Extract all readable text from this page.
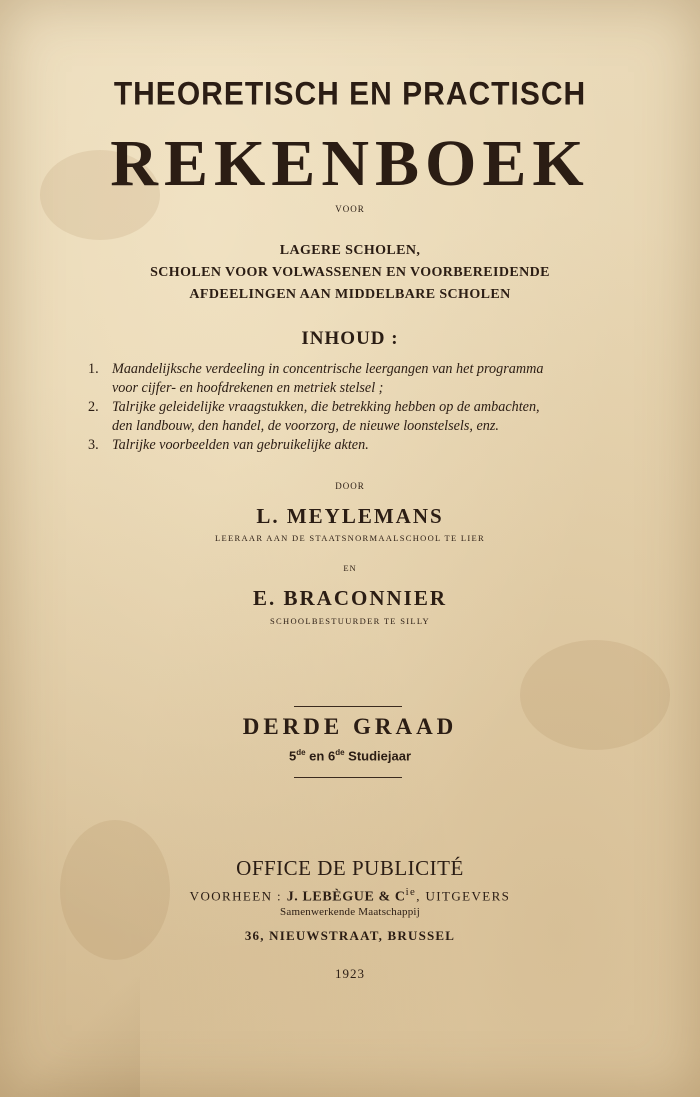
THEORETISCH EN PRACTISCH
REKENBOEK
VOOR
LAGERE SCHOLEN,
SCHOLEN VOOR VOLWASSENEN EN VOORBEREIDENDE
AFDEELINGEN AAN MIDDELBARE SCHOLEN
INHOUD :
1. Maandelijksche verdeeling in concentrische leergangen van het programma
voor cijfer- en hoofdrekenen en metriek stelsel ;
2. Talrijke geleidelijke vraagstukken, die betrekking hebben op de ambachten,
den landbouw, den handel, de voorzorg, de nieuwe loonstelsels, enz.
3. Talrijke voorbeelden van gebruikelijke akten.
DOOR
L. MEYLEMANS
LEERAAR AAN DE STAATSNORMAALSCHOOL TE LIER
EN
E. BRACONNIER
SCHOOLBESTUURDER TE SILLY
DERDE GRAAD
5de en 6de Studiejaar
OFFICE DE PUBLICITÉ
VOORHEEN : J. LEBÈGUE & $C^{ie}$, UITGEVERS
Samenwerkende Maatschappij
36, NIEUWSTRAAT, BRUSSEL
1923
